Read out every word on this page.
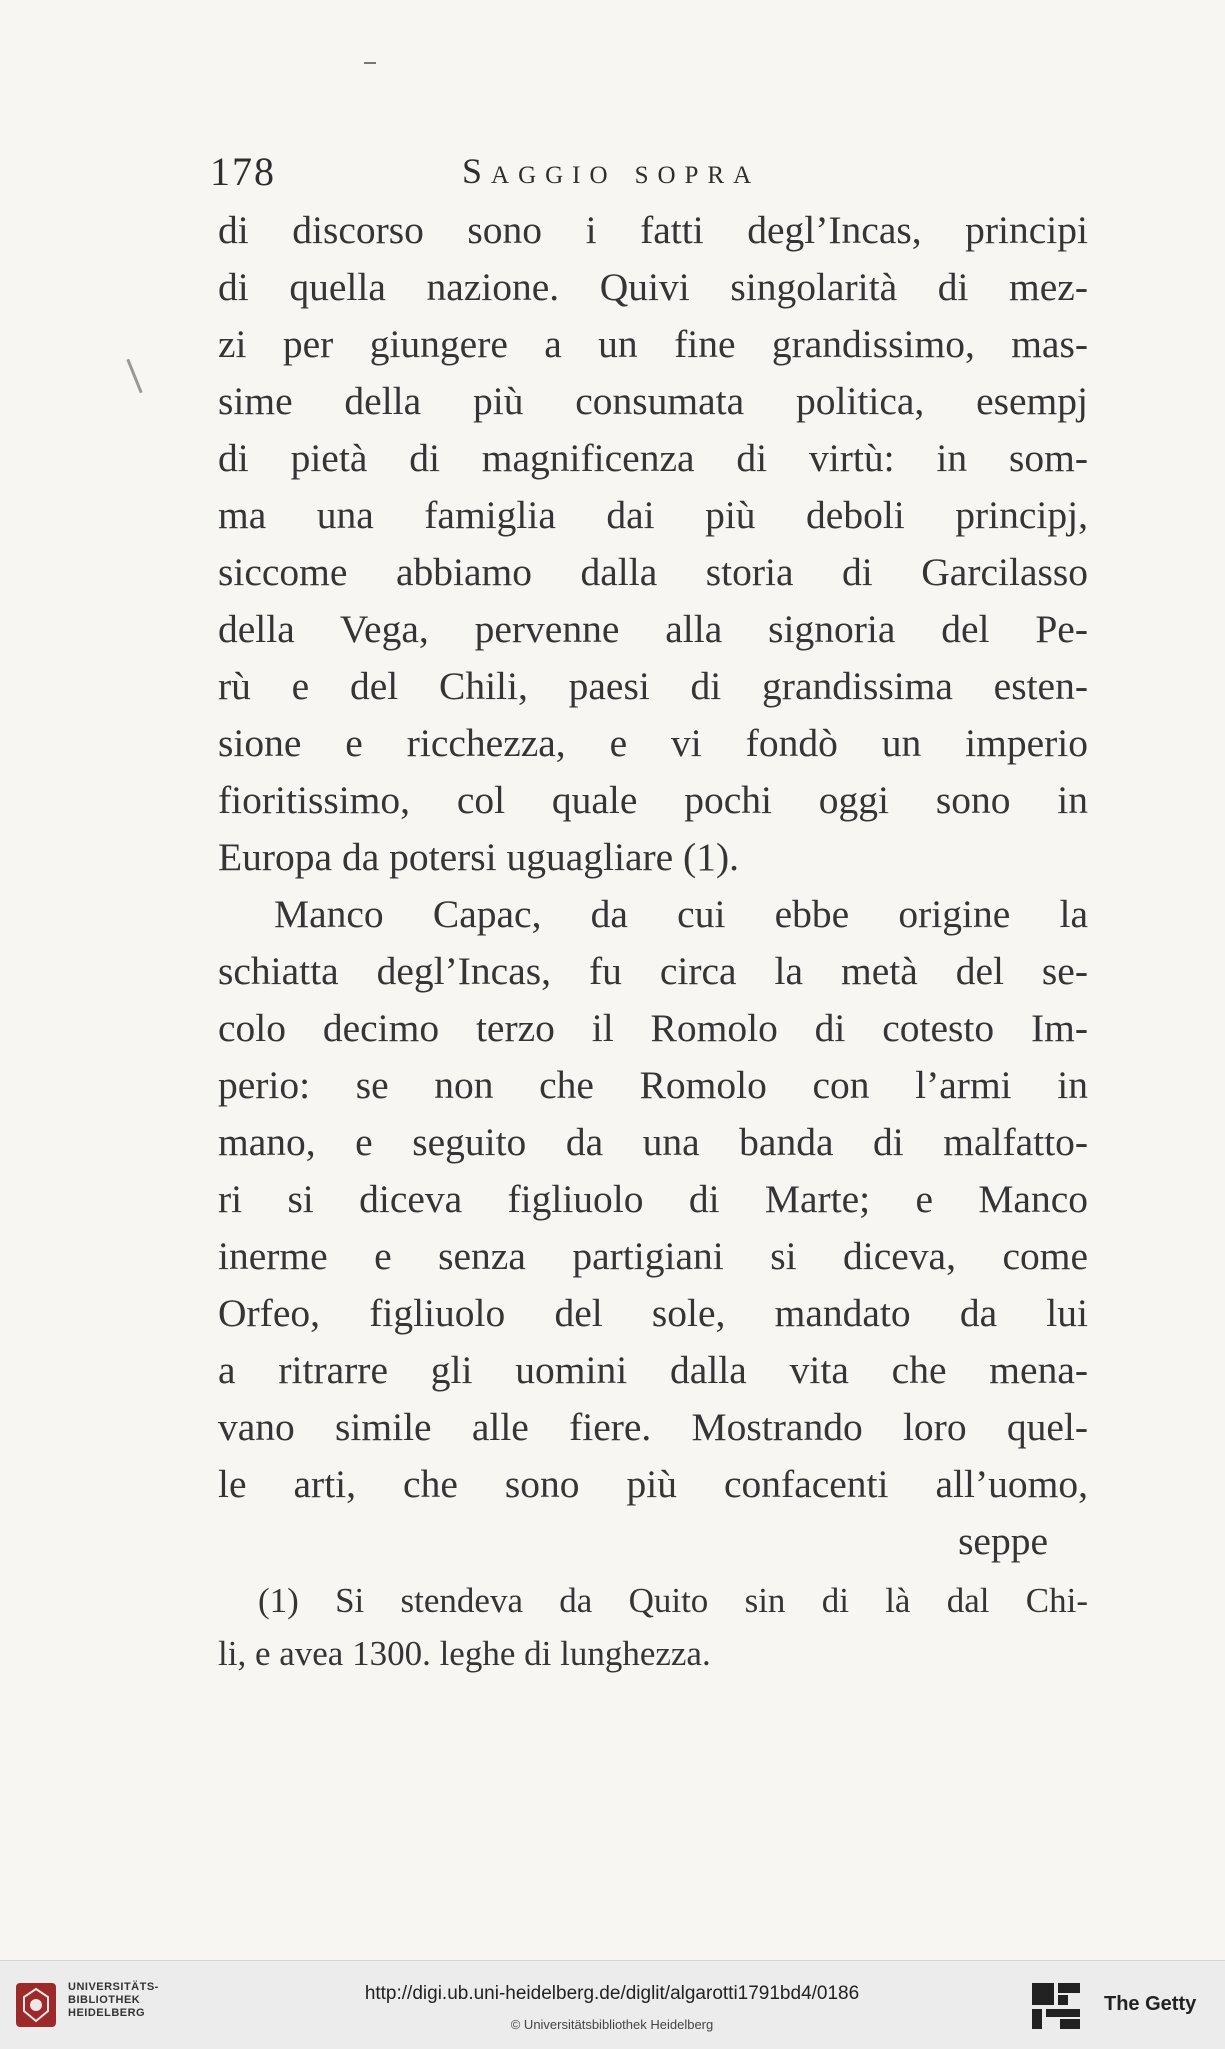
178	Saggio sopra
di discorso sono i fatti degl’Incas, principi
di quella nazione. Quivi singolarità di mez-
zi per giungere a un fine grandissimo, mas-
sime della più consumata politica, esempj
di pietà di magnificenza di virtù: in som-
ma una famiglia dai più deboli principj,
siccome abbiamo dalla storia di Garcilasso
della Vega, pervenne alla signoria del Pe-
rù e del Chili, paesi di grandissima esten-
sione e ricchezza, e vi fondò un imperio
fioritissimo, col quale pochi oggi sono in
Europa da potersi uguagliare (1).
Manco Capac, da cui ebbe origine la
schiatta degl’Incas, fu circa la metà del se-
colo decimo terzo il Romolo di cotesto Im-
perio: se non che Romolo con l’armi in
mano, e seguito da una banda di malfatto-
ri si diceva figliuolo di Marte; e Manco
inerme e senza partigiani si diceva, come
Orfeo, figliuolo del sole, mandato da lui
a ritrarre gli uomini dalla vita che mena-
vano simile alle fiere. Mostrando loro quel-
le arti, che sono più confacenti all’uomo,
seppe
(1) Si stendeva da Quito sin di là dal Chi-
li, e avea 1300. leghe di lunghezza.
UNIVERSITÄTS-
BIBLIOTHEK
HEIDELBERG
http://digi.ub.uni-heidelberg.de/diglit/algarotti1791bd4/0186
© Universitätsbibliothek Heidelberg
The Getty
